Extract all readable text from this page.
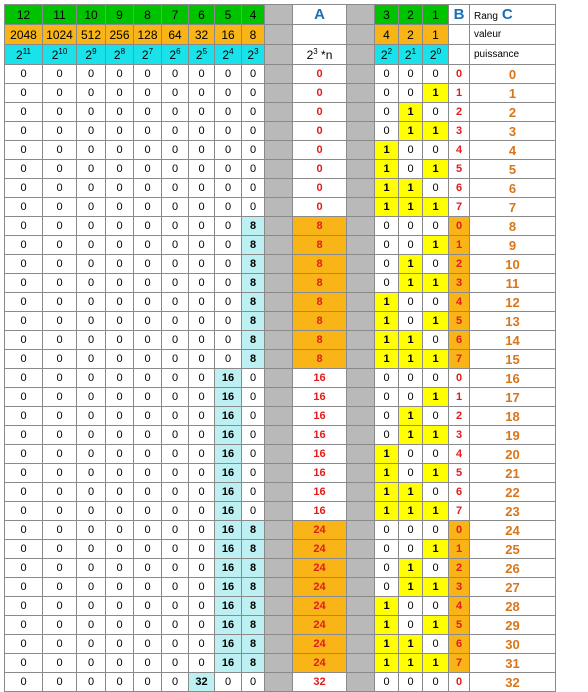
12	11	10	9	8	7	6	5	4		A		3	2	1	B	Rang C
2048	1024	512	256	128	64	32	16	8				4	2	1		valeur
$2^{11}$	$2^{10}$	$2^9$	$2^8$	$2^7$	$2^6$	$2^5$	$2^4$	$2^3$		$2^3$ *n		$2^2$	$2^1$	$2^0$		puissance
0	0	0	0	0	0	0	0	0		0		0	0	0	0	0
0	0	0	0	0	0	0	0	0		0		0	0	1	1	1
0	0	0	0	0	0	0	0	0		0		0	1	0	2	2
0	0	0	0	0	0	0	0	0		0		0	1	1	3	3
0	0	0	0	0	0	0	0	0		0		1	0	0	4	4
0	0	0	0	0	0	0	0	0		0		1	0	1	5	5
0	0	0	0	0	0	0	0	0		0		1	1	0	6	6
0	0	0	0	0	0	0	0	0		0		1	1	1	7	7
0	0	0	0	0	0	0	0	8		8		0	0	0	0	8
0	0	0	0	0	0	0	0	8		8		0	0	1	1	9
0	0	0	0	0	0	0	0	8		8		0	1	0	2	10
0	0	0	0	0	0	0	0	8		8		0	1	1	3	11
0	0	0	0	0	0	0	0	8		8		1	0	0	4	12
0	0	0	0	0	0	0	0	8		8		1	0	1	5	13
0	0	0	0	0	0	0	0	8		8		1	1	0	6	14
0	0	0	0	0	0	0	0	8		8		1	1	1	7	15
0	0	0	0	0	0	0	16	0		16		0	0	0	0	16
0	0	0	0	0	0	0	16	0		16		0	0	1	1	17
0	0	0	0	0	0	0	16	0		16		0	1	0	2	18
0	0	0	0	0	0	0	16	0		16		0	1	1	3	19
0	0	0	0	0	0	0	16	0		16		1	0	0	4	20
0	0	0	0	0	0	0	16	0		16		1	0	1	5	21
0	0	0	0	0	0	0	16	0		16		1	1	0	6	22
0	0	0	0	0	0	0	16	0		16		1	1	1	7	23
0	0	0	0	0	0	0	16	8		24		0	0	0	0	24
0	0	0	0	0	0	0	16	8		24		0	0	1	1	25
0	0	0	0	0	0	0	16	8		24		0	1	0	2	26
0	0	0	0	0	0	0	16	8		24		0	1	1	3	27
0	0	0	0	0	0	0	16	8		24		1	0	0	4	28
0	0	0	0	0	0	0	16	8		24		1	0	1	5	29
0	0	0	0	0	0	0	16	8		24		1	1	0	6	30
0	0	0	0	0	0	0	16	8		24		1	1	1	7	31
0	0	0	0	0	0	32	0	0		32		0	0	0	0	32
